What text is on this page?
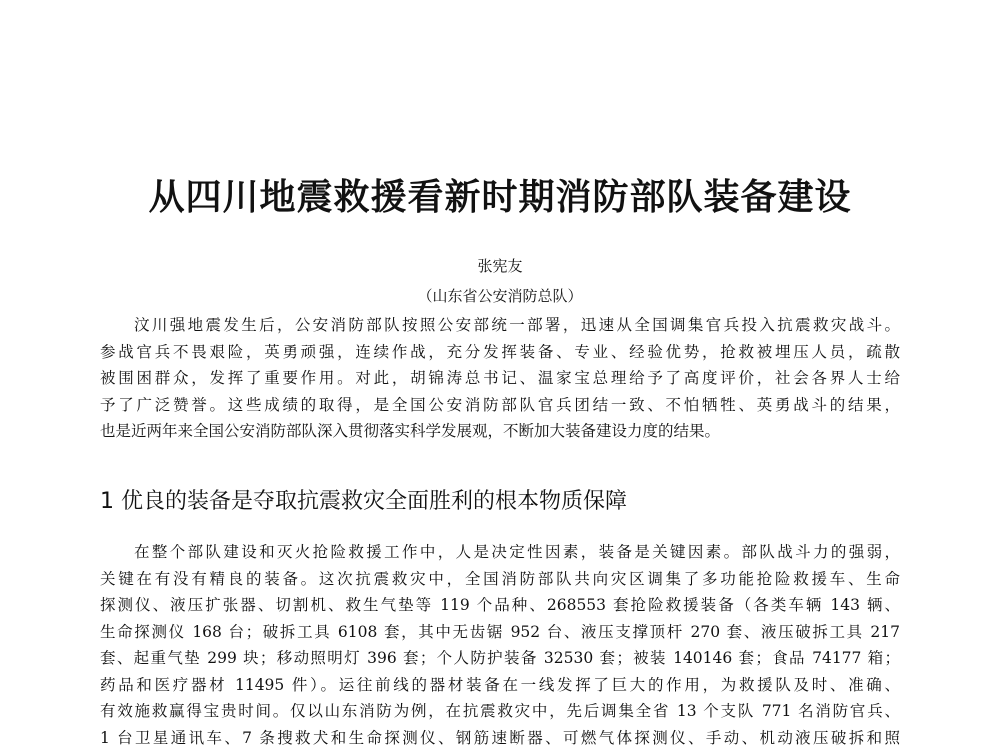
从四川地震救援看新时期消防部队装备建设
张宪友
（山东省公安消防总队）
汶川强地震发生后，公安消防部队按照公安部统一部署，迅速从全国调集官兵投入抗震救灾战斗。
参战官兵不畏艰险，英勇顽强，连续作战，充分发挥装备、专业、经验优势，抢救被埋压人员，疏散
被围困群众，发挥了重要作用。对此，胡锦涛总书记、温家宝总理给予了高度评价，社会各界人士给
予了广泛赞誉。这些成绩的取得，是全国公安消防部队官兵团结一致、不怕牺牲、英勇战斗的结果，
也是近两年来全国公安消防部队深入贯彻落实科学发展观，不断加大装备建设力度的结果。
1 优良的装备是夺取抗震救灾全面胜利的根本物质保障
在整个部队建设和灭火抢险救援工作中，人是决定性因素，装备是关键因素。部队战斗力的强弱，
关键在有没有精良的装备。这次抗震救灾中，全国消防部队共向灾区调集了多功能抢险救援车、生命
探测仪、液压扩张器、切割机、救生气垫等 119 个品种、268553 套抢险救援装备（各类车辆 143 辆、
生命探测仪 168 台；破拆工具 6108 套，其中无齿锯 952 台、液压支撑顶杆 270 套、液压破拆工具 217
套、起重气垫 299 块；移动照明灯 396 套；个人防护装备 32530 套；被装 140146 套；食品 74177 箱；
药品和医疗器材 11495 件）。运往前线的器材装备在一线发挥了巨大的作用，为救援队及时、准确、
有效施救赢得宝贵时间。仅以山东消防为例，在抗震救灾中，先后调集全省 13 个支队 771 名消防官兵、
1 台卫星通讯车、7 条搜救犬和生命探测仪、钢筋速断器、可燃气体探测仪、手动、机动液压破拆和照
